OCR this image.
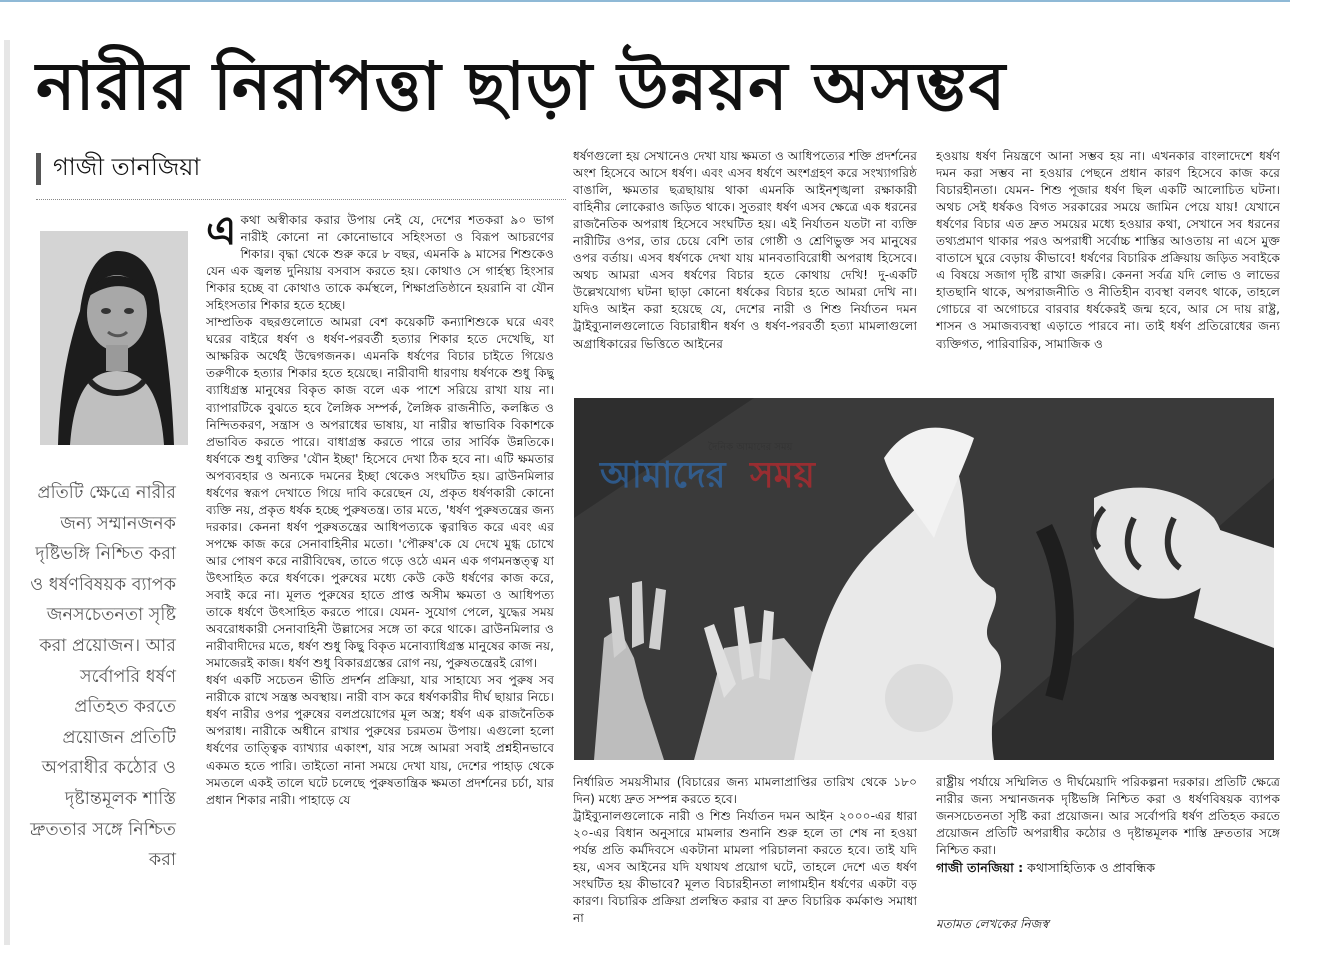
নারীর নিরাপত্তা ছাড়া উন্নয়ন অসম্ভব
গাজী তানজিয়া
প্রতিটি ক্ষেত্রে নারীর জন্য সম্মানজনক দৃষ্টিভঙ্গি নিশ্চিত করা ও ধর্ষণবিষয়ক ব্যাপক জনসচেতনতা সৃষ্টি করা প্রয়োজন। আর সর্বোপরি ধর্ষণ প্রতিহত করতে প্রয়োজন প্রতিটি অপরাধীর কঠোর ও দৃষ্টান্তমূলক শাস্তি দ্রুততার সঙ্গে নিশ্চিত করা

একথা অস্বীকার করার উপায় নেই যে, দেশের শতকরা ৯০ ভাগ নারীই কোনো না কোনোভাবে সহিংসতা ও বিরূপ আচরণের শিকার। বৃদ্ধা থেকে শুরু করে ৮ বছর, এমনকি ৯ মাসের শিশুকেও যেন এক জ্বলন্ত দুনিয়ায় বসবাস করতে হয়। কোথাও সে গার্হস্থ্য হিংসার শিকার হচ্ছে বা কোথাও তাকে কর্মস্থলে, শিক্ষাপ্রতিষ্ঠানে হয়রানি বা যৌন সহিংসতার শিকার হতে হচ্ছে।

সাম্প্রতিক বছরগুলোতে আমরা বেশ কয়েকটি কন্যাশিশুকে ঘরে এবং ঘরের বাইরে ধর্ষণ ও ধর্ষণ-পরবর্তী হত্যার শিকার হতে দেখেছি, যা আক্ষরিক অর্থেই উদ্বেগজনক। এমনকি ধর্ষণের বিচার চাইতে গিয়েও তরুণীকে হত্যার শিকার হতে হয়েছে। নারীবাদী ধারণায় ধর্ষণকে শুধু কিছু ব্যাধিগ্রস্ত মানুষের বিকৃত কাজ বলে এক পাশে সরিয়ে রাখা যায় না। ব্যাপারটিকে বুঝতে হবে লৈঙ্গিক সম্পর্ক, লৈঙ্গিক রাজনীতি, কলঙ্কিত ও নিন্দিতকরণ, সন্ত্রাস ও অপরাধের ভাষায়, যা নারীর স্বাভাবিক বিকাশকে প্রভাবিত করতে পারে। বাধাগ্রস্ত করতে পারে তার সার্বিক উন্নতিকে। ধর্ষণকে শুধু ব্যক্তির 'যৌন ইচ্ছা' হিসেবে দেখা ঠিক হবে না। এটি ক্ষমতার অপব্যবহার ও অন্যকে দমনের ইচ্ছা থেকেও সংঘটিত হয়। ব্রাউনমিলার ধর্ষণের স্বরূপ দেখাতে গিয়ে দাবি করেছেন যে, প্রকৃত ধর্ষণকারী কোনো ব্যক্তি নয়, প্রকৃত ধর্ষক হচ্ছে পুরুষতন্ত্র। তার মতে, 'ধর্ষণ পুরুষতন্ত্রের জন্য দরকার। কেননা ধর্ষণ পুরুষতন্ত্রের আধিপত্যকে ত্বরান্বিত করে এবং এর সপক্ষে কাজ করে সেনাবাহিনীর মতো। 'পৌরুষ'কে যে দেখে মুগ্ধ চোখে আর পোষণ করে নারীবিদ্বেষ, তাতে গড়ে ওঠে এমন এক গণমনস্তত্ত্ব যা উৎসাহিত করে ধর্ষণকে। পুরুষের মধ্যে কেউ কেউ ধর্ষণের কাজ করে, সবাই করে না। মূলত পুরুষের হাতে প্রাপ্ত অসীম ক্ষমতা ও আধিপত্য তাকে ধর্ষণে উৎসাহিত করতে পারে। যেমন- সুযোগ পেলে, যুদ্ধের সময় অবরোধকারী সেনাবাহিনী উল্লাসের সঙ্গে তা করে থাকে। ব্রাউনমিলার ও নারীবাদীদের মতে, ধর্ষণ শুধু কিছু বিকৃত মনোব্যাধিগ্রস্ত মানুষের কাজ নয়, সমাজেরই কাজ। ধর্ষণ শুধু বিকারগ্রস্তের রোগ নয়, পুরুষতন্ত্রেরই রোগ।

ধর্ষণ একটি সচেতন ভীতি প্রদর্শন প্রক্রিয়া, যার সাহায্যে সব পুরুষ সব নারীকে রাখে সন্ত্রস্ত অবস্থায়। নারী বাস করে ধর্ষণকারীর দীর্ঘ ছায়ার নিচে। ধর্ষণ নারীর ওপর পুরুষের বলপ্রয়োগের মূল অস্ত্র; ধর্ষণ এক রাজনৈতিক অপরাধ। নারীকে অধীনে রাখার পুরুষের চরমতম উপায়। এগুলো হলো ধর্ষণের তাত্ত্বিক ব্যাখ্যার একাংশ, যার সঙ্গে আমরা সবাই প্রশ্নহীনভাবে একমত হতে পারি। তাইতো নানা সময়ে দেখা যায়, দেশের পাহাড় থেকে সমতলে একই তালে ঘটে চলেছে পুরুষতান্ত্রিক ক্ষমতা প্রদর্শনের চর্চা, যার প্রধান শিকার নারী। পাহাড়ে যে

ধর্ষণগুলো হয় সেখানেও দেখা যায় ক্ষমতা ও আধিপত্যের শক্তি প্রদর্শনের অংশ হিসেবে আসে ধর্ষণ। এবং এসব ধর্ষণে অংশগ্রহণ করে সংখ্যাগরিষ্ঠ বাঙালি, ক্ষমতার ছত্রছায়ায় থাকা এমনকি আইনশৃঙ্খলা রক্ষাকারী বাহিনীর লোকেরাও জড়িত থাকে। সুতরাং ধর্ষণ এসব ক্ষেত্রে এক ধরনের রাজনৈতিক অপরাধ হিসেবে সংঘটিত হয়। এই নির্যাতন যতটা না ব্যক্তি নারীটির ওপর, তার চেয়ে বেশি তার গোষ্ঠী ও শ্রেণিভুক্ত সব মানুষের ওপর বর্তায়। এসব ধর্ষণকে দেখা যায় মানবতাবিরোধী অপরাধ হিসেবে। অথচ আমরা এসব ধর্ষণের বিচার হতে কোথায় দেখি! দু-একটি উল্লেখযোগ্য ঘটনা ছাড়া কোনো ধর্ষকের বিচার হতে আমরা দেখি না। যদিও আইন করা হয়েছে যে, দেশের নারী ও শিশু নির্যাতন দমন ট্রাইব্যুনালগুলোতে বিচারাধীন ধর্ষণ ও ধর্ষণ-পরবর্তী হত্যা মামলাগুলো অগ্রাধিকারের ভিত্তিতে আইনের

হওয়ায় ধর্ষণ নিয়ন্ত্রণে আনা সম্ভব হয় না। এখনকার বাংলাদেশে ধর্ষণ দমন করা সম্ভব না হওয়ার পেছনে প্রধান কারণ হিসেবে কাজ করে বিচারহীনতা। যেমন- শিশু পূজার ধর্ষণ ছিল একটি আলোচিত ঘটনা। অথচ সেই ধর্ষকও বিগত সরকারের সময়ে জামিন পেয়ে যায়! যেখানে ধর্ষণের বিচার এত দ্রুত সময়ের মধ্যে হওয়ার কথা, সেখানে সব ধরনের তথ্যপ্রমাণ থাকার পরও অপরাধী সর্বোচ্চ শাস্তির আওতায় না এসে মুক্ত বাতাসে ঘুরে বেড়ায় কীভাবে! ধর্ষণের বিচারিক প্রক্রিয়ায় জড়িত সবাইকে এ বিষয়ে সজাগ দৃষ্টি রাখা জরুরি। কেননা সর্বত্র যদি লোভ ও লাভের হাতছানি থাকে, অপরাজনীতি ও নীতিহীন ব্যবস্থা বলবৎ থাকে, তাহলে গোচরে বা অগোচরে বারবার ধর্ষকেরই জন্ম হবে, আর সে দায় রাষ্ট্র, শাসন ও সমাজব্যবস্থা এড়াতে পারবে না। তাই ধর্ষণ প্রতিরোধের জন্য ব্যক্তিগত, পারিবারিক, সামাজিক ও

দৈনিক আমাদের সময়
আমাদের সময়

নির্ধারিত সময়সীমার (বিচারের জন্য মামলাপ্রাপ্তির তারিখ থেকে ১৮০ দিন) মধ্যে দ্রুত সম্পন্ন করতে হবে।

ট্রাইব্যুনালগুলোকে নারী ও শিশু নির্যাতন দমন আইন ২০০০-এর ধারা ২০-এর বিধান অনুসারে মামলার শুনানি শুরু হলে তা শেষ না হওয়া পর্যন্ত প্রতি কর্মদিবসে একটানা মামলা পরিচালনা করতে হবে। তাই যদি হয়, এসব আইনের যদি যথাযথ প্রয়োগ ঘটে, তাহলে দেশে এত ধর্ষণ সংঘটিত হয় কীভাবে? মূলত বিচারহীনতা লাগামহীন ধর্ষণের একটা বড় কারণ। বিচারিক প্রক্রিয়া প্রলম্বিত করার বা দ্রুত বিচারিক কর্মকাণ্ড সমাধা না

রাষ্ট্রীয় পর্যায়ে সম্মিলিত ও দীর্ঘমেয়াদি পরিকল্পনা দরকার। প্রতিটি ক্ষেত্রে নারীর জন্য সম্মানজনক দৃষ্টিভঙ্গি নিশ্চিত করা ও ধর্ষণবিষয়ক ব্যাপক জনসচেতনতা সৃষ্টি করা প্রয়োজন। আর সর্বোপরি ধর্ষণ প্রতিহত করতে প্রয়োজন প্রতিটি অপরাধীর কঠোর ও দৃষ্টান্তমূলক শাস্তি দ্রুততার সঙ্গে নিশ্চিত করা।

গাজী তানজিয়া : কথাসাহিত্যিক ও প্রাবন্ধিক

মতামত লেখকের নিজস্ব
